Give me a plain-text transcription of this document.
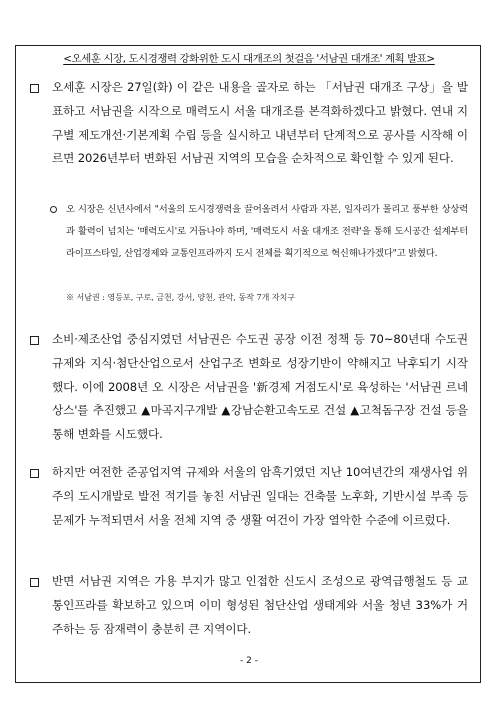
<오세훈 시장, 도시경쟁력 강화위한 도시 대개조의 첫걸음 '서남권 대개조' 계획 발표>
오세훈 시장은 27일(화) 이 같은 내용을 골자로 하는 「서남권 대개조 구상」을 발표하고 서남권을 시작으로 매력도시 서울 대개조를 본격화하겠다고 밝혔다. 연내 지구별 제도개선·기본계획 수립 등을 실시하고 내년부터 단계적으로 공사를 시작해 이르면 2026년부터 변화된 서남권 지역의 모습을 순차적으로 확인할 수 있게 된다.
오 시장은 신년사에서 "서울의 도시경쟁력을 끌어올려서 사람과 자본, 일자리가 몰리고 풍부한 상상력과 활력이 넘치는 '매력도시'로 거듭나야 하며, '매력도시 서울 대개조 전략'을 통해 도시공간 설계부터 라이프스타일, 산업경제와 교통인프라까지 도시 전체를 획기적으로 혁신해나가겠다"고 밝혔다.
※ 서남권 : 영등포, 구로, 금천, 강서, 양천, 관악, 동작 7개 자치구
소비·제조산업 중심지였던 서남권은 수도권 공장 이전 정책 등 70~80년대 수도권 규제와 지식·첨단산업으로서 산업구조 변화로 성장기반이 약해지고 낙후되기 시작했다. 이에 2008년 오 시장은 서남권을 '新경제 거점도시'로 육성하는 '서남권 르네상스'를 추진했고 ▲마곡지구개발 ▲강남순환고속도로 건설 ▲고척돔구장 건설 등을 통해 변화를 시도했다.
하지만 여전한 준공업지역 규제와 서울의 암흑기였던 지난 10여년간의 재생사업 위주의 도시개발로 발전 적기를 놓친 서남권 일대는 건축물 노후화, 기반시설 부족 등 문제가 누적되면서 서울 전체 지역 중 생활 여건이 가장 열악한 수준에 이르렀다.
반면 서남권 지역은 가용 부지가 많고 인접한 신도시 조성으로 광역급행철도 등 교통인프라를 확보하고 있으며 이미 형성된 첨단산업 생태계와 서울 청년 33%가 거주하는 등 잠재력이 충분히 큰 지역이다.
- 2 -
